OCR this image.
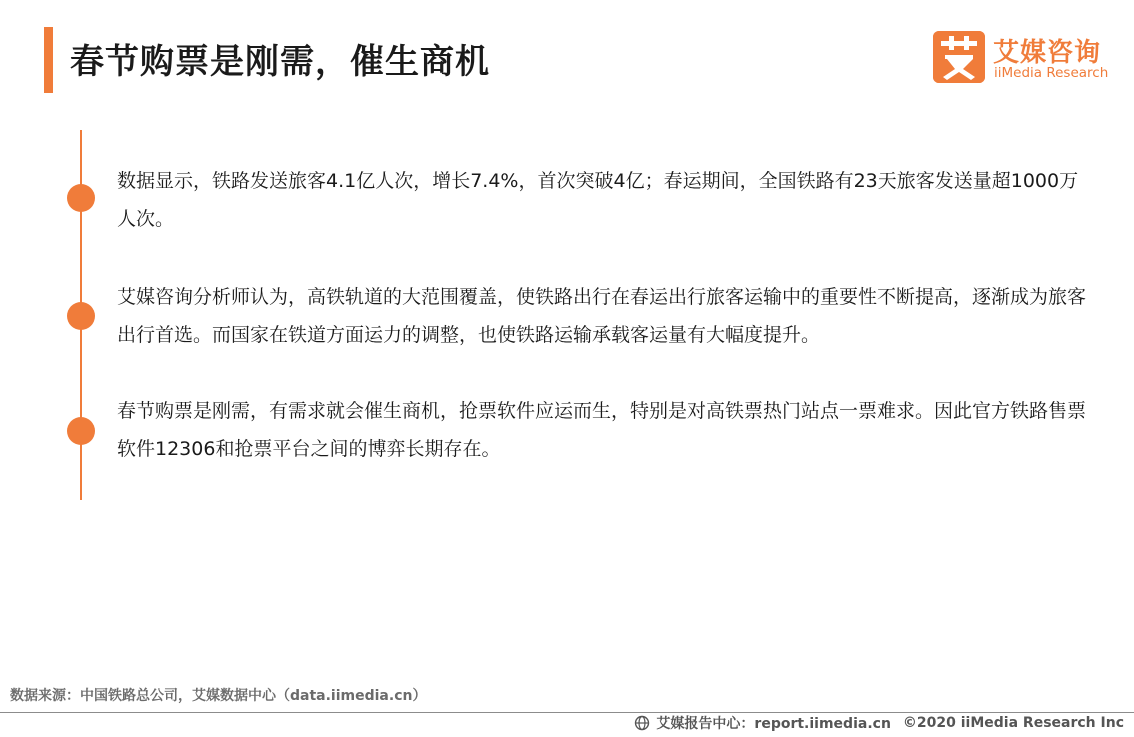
春节购票是刚需，催生商机	艾媒咨询
iiMedia Research
数据显示，铁路发送旅客4.1亿人次，增长7.4%，首次突破4亿；春运期间，全国铁路有23天旅客发送量超1000万人次。
艾媒咨询分析师认为，高铁轨道的大范围覆盖，使铁路出行在春运出行旅客运输中的重要性不断提高，逐渐成为旅客出行首选。而国家在铁道方面运力的调整，也使铁路运输承载客运量有大幅度提升。
春节购票是刚需，有需求就会催生商机，抢票软件应运而生，特别是对高铁票热门站点一票难求。因此官方铁路售票软件12306和抢票平台之间的博弈长期存在。
数据来源：中国铁路总公司，艾媒数据中心（data.iimedia.cn）
艾媒报告中心：report.iimedia.cn ©2020 iiMedia Research Inc
